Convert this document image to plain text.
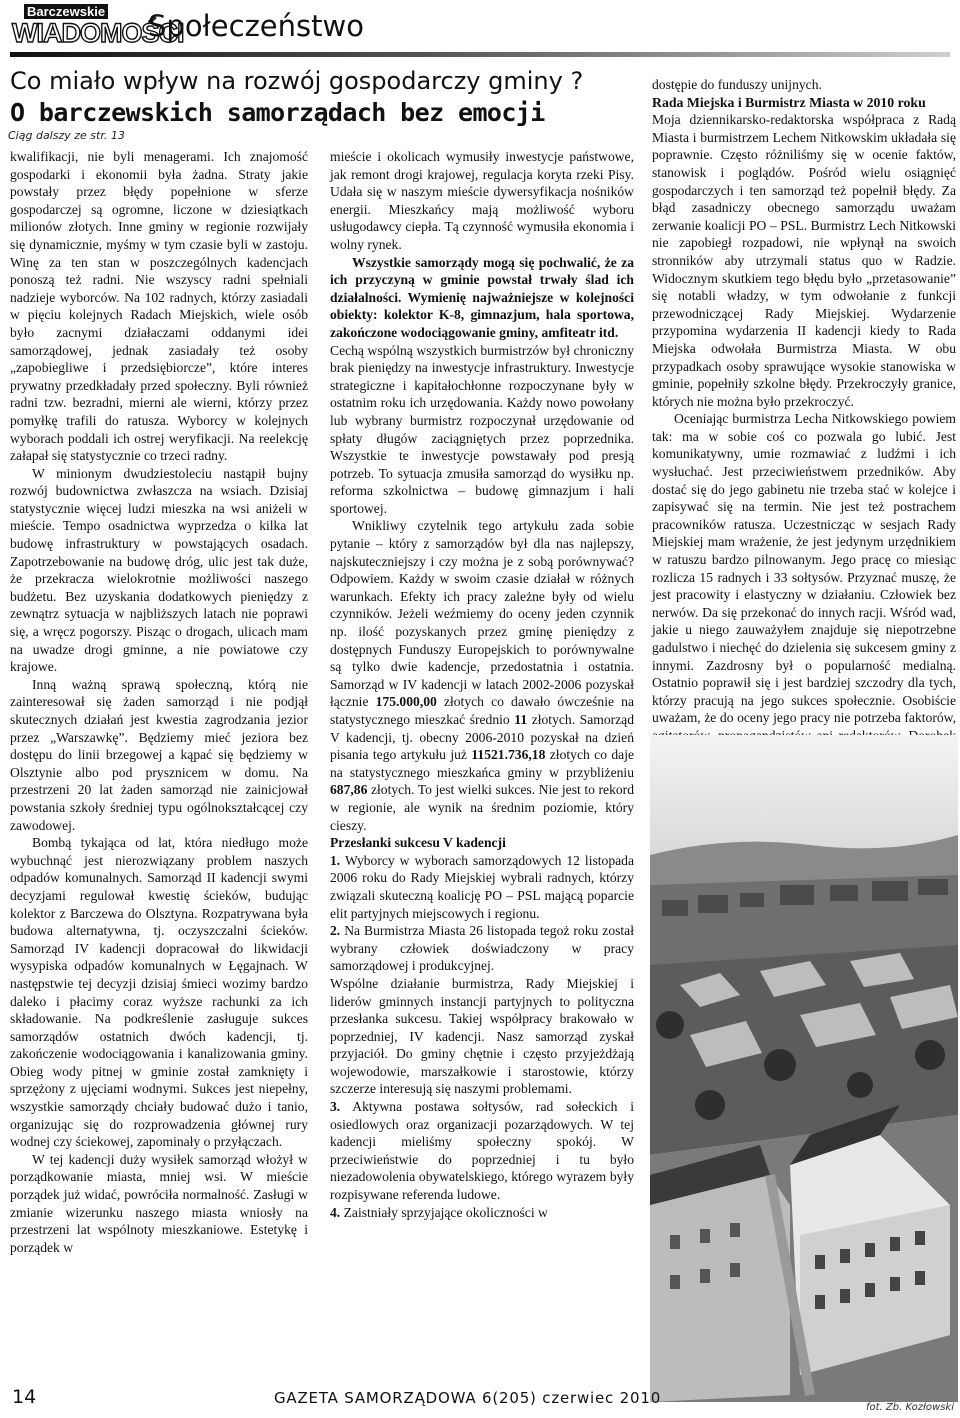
Barczewskie
WIADOMOŚCI
Społeczeństwo
Co miało wpływ na rozwój gospodarczy gminy ?
O barczewskich samorządach bez emocji
Ciąg dalszy ze str. 13

kwalifikacji, nie byli menagerami. Ich znajomość gospodarki i ekonomii była żadna. Straty jakie powstały przez błędy popełnione w sferze gospodarczej są ogromne, liczone w dziesiątkach milionów złotych. Inne gminy w regionie rozwijały się dynamicznie, myśmy w tym czasie byli w zastoju. Winę za ten stan w poszczególnych kadencjach ponoszą też radni. Nie wszyscy radni spełniali nadzieje wyborców. Na 102 radnych, którzy zasiadali w pięciu kolejnych Radach Miejskich, wiele osób było zacnymi działaczami oddanymi idei samorządowej, jednak zasiadały też osoby „zapobiegliwe i przedsiębiorcze”, które interes prywatny przedkładały przed społeczny. Byli również radni tzw. bezradni, mierni ale wierni, którzy przez pomyłkę trafili do ratusza. Wyborcy w kolejnych wyborach poddali ich ostrej weryfikacji. Na reelekcję załapał się statystycznie co trzeci radny.

W minionym dwudziestoleciu nastąpił bujny rozwój budownictwa zwłaszcza na wsiach. Dzisiaj statystycznie więcej ludzi mieszka na wsi aniżeli w mieście. Tempo osadnictwa wyprzedza o kilka lat budowę infrastruktury w powstających osadach. Zapotrzebowanie na budowę dróg, ulic jest tak duże, że przekracza wielokrotnie możliwości naszego budżetu. Bez uzyskania dodatkowych pieniędzy z zewnątrz sytuacja w najbliższych latach nie poprawi się, a wręcz pogorszy. Pisząc o drogach, ulicach mam na uwadze drogi gminne, a nie powiatowe czy krajowe.

Inną ważną sprawą społeczną, którą nie zainteresował się żaden samorząd i nie podjął skutecznych działań jest kwestia zagrodzania jezior przez „Warszawkę”. Będziemy mieć jeziora bez dostępu do linii brzegowej a kąpać się będziemy w Olsztynie albo pod prysznicem w domu. Na przestrzeni 20 lat żaden samorząd nie zainicjował powstania szkoły średniej typu ogólnokształcącej czy zawodowej.

Bombą tykająca od lat, która niedługo może wybuchnąć jest nierozwiązany problem naszych odpadów komunalnych. Samorząd II kadencji swymi decyzjami regulował kwestię ścieków, budując kolektor z Barczewa do Olsztyna. Rozpatrywana była budowa alternatywna, tj. oczyszczalni ścieków. Samorząd IV kadencji dopracował do likwidacji wysypiska odpadów komunalnych w Łęgajnach. W następstwie tej decyzji dzisiaj śmieci wozimy bardzo daleko i płacimy coraz wyższe rachunki za ich składowanie. Na podkreślenie zasługuje sukces samorządów ostatnich dwóch kadencji, tj. zakończenie wodociągowania i kanalizowania gminy. Obieg wody pitnej w gminie został zamknięty i sprzężony z ujęciami wodnymi. Sukces jest niepełny, wszystkie samorządy chciały budować dużo i tanio, organizując się do rozprowadzenia głównej rury wodnej czy ściekowej, zapominały o przyłączach.

W tej kadencji duży wysiłek samorząd włożył w porządkowanie miasta, mniej wsi. W mieście porządek już widać, powróciła normalność. Zasługi w zmianie wizerunku naszego miasta wniosły na przestrzeni lat wspólnoty mieszkaniowe. Estetykę i porządek w

mieście i okolicach wymusiły inwestycje państwowe, jak remont drogi krajowej, regulacja koryta rzeki Pisy. Udała się w naszym mieście dywersyfikacja nośników energii. Mieszkańcy mają możliwość wyboru usługodawcy ciepła. Tą czynność wymusiła ekonomia i wolny rynek.

Wszystkie samorządy mogą się pochwalić, że za ich przyczyną w gminie powstał trwały ślad ich działalności. Wymienię najważniejsze w kolejności obiekty: kolektor K-8, gimnazjum, hala sportowa, zakończone wodociągowanie gminy, amfiteatr itd.

Cechą wspólną wszystkich burmistrzów był chroniczny brak pieniędzy na inwestycje infrastruktury. Inwestycje strategiczne i kapitałochłonne rozpoczynane były w ostatnim roku ich urzędowania. Każdy nowo powołany lub wybrany burmistrz rozpoczynał urzędowanie od spłaty długów zaciągniętych przez poprzednika. Wszystkie te inwestycje powstawały pod presją potrzeb. To sytuacja zmusiła samorząd do wysiłku np. reforma szkolnictwa – budowę gimnazjum i hali sportowej.

Wnikliwy czytelnik tego artykułu zada sobie pytanie – który z samorządów był dla nas najlepszy, najskuteczniejszy i czy można je z sobą porównywać? Odpowiem. Każdy w swoim czasie działał w różnych warunkach. Efekty ich pracy zależne były od wielu czynników. Jeżeli weźmiemy do oceny jeden czynnik np. ilość pozyskanych przez gminę pieniędzy z dostępnych Funduszy Europejskich to porównywalne są tylko dwie kadencje, przedostatnia i ostatnia. Samorząd w IV kadencji w latach 2002-2006 pozyskał łącznie 175.000,00 złotych co dawało ówcześnie na statystycznego mieszkać średnio 11 złotych. Samorząd V kadencji, tj. obecny 2006-2010 pozyskał na dzień pisania tego artykułu już 11521.736,18 złotych co daje na statystycznego mieszkańca gminy w przybliżeniu 687,86 złotych. To jest wielki sukces. Nie jest to rekord w regionie, ale wynik na średnim poziomie, który cieszy.

Przesłanki sukcesu V kadencji

1. Wyborcy w wyborach samorządowych 12 listopada 2006 roku do Rady Miejskiej wybrali radnych, którzy związali skuteczną koalicję PO – PSL mającą poparcie elit partyjnych miejscowych i regionu.

2. Na Burmistrza Miasta 26 listopada tegoż roku został wybrany człowiek doświadczony w pracy samorządowej i produkcyjnej.

Wspólne działanie burmistrza, Rady Miejskiej i liderów gminnych instancji partyjnych to polityczna przesłanka sukcesu. Takiej współpracy brakowało w poprzedniej, IV kadencji. Nasz samorząd zyskał przyjaciół. Do gminy chętnie i często przyjeżdżają wojewodowie, marszałkowie i starostowie, którzy szczerze interesują się naszymi problemami.

3. Aktywna postawa sołtysów, rad sołeckich i osiedlowych oraz organizacji pozarządowych. W tej kadencji mieliśmy społeczny spokój. W przeciwieństwie do poprzedniej i tu było niezadowolenia obywatelskiego, którego wyrazem były rozpisywane referenda ludowe.

4. Zaistniały sprzyjające okoliczności w

dostępie do funduszy unijnych.

Rada Miejska i Burmistrz Miasta w 2010 roku

Moja dziennikarsko-redaktorska współpraca z Radą Miasta i burmistrzem Lechem Nitkowskim układała się poprawnie. Często różniliśmy się w ocenie faktów, stanowisk i poglądów. Pośród wielu osiągnięć gospodarczych i ten samorząd też popełnił błędy. Za błąd zasadniczy obecnego samorządu uważam zerwanie koalicji PO – PSL. Burmistrz Lech Nitkowski nie zapobiegł rozpadowi, nie wpłynął na swoich stronników aby utrzymali status quo w Radzie. Widocznym skutkiem tego błędu było „przetasowanie” się notabli władzy, w tym odwołanie z funkcji przewodniczącej Rady Miejskiej. Wydarzenie przypomina wydarzenia II kadencji kiedy to Rada Miejska odwołała Burmistrza Miasta. W obu przypadkach osoby sprawujące wysokie stanowiska w gminie, popełniły szkolne błędy. Przekroczyły granice, których nie można było przekroczyć.

Oceniając burmistrza Lecha Nitkowskiego powiem tak: ma w sobie coś co pozwala go lubić. Jest komunikatywny, umie rozmawiać z ludźmi i ich wysłuchać. Jest przeciwieństwem przedników. Aby dostać się do jego gabinetu nie trzeba stać w kolejce i zapisywać się na termin. Nie jest też postrachem pracowników ratusza. Uczestnicząc w sesjach Rady Miejskiej mam wrażenie, że jest jedynym urzędnikiem w ratuszu bardzo pilnowanym. Jego pracę co miesiąc rozlicza 15 radnych i 33 sołtysów. Przyznać muszę, że jest pracowity i elastyczny w działaniu. Człowiek bez nerwów. Da się przekonać do innych racji. Wśród wad, jakie u niego zauważyłem znajduje się niepotrzebne gadulstwo i niechęć do dzielenia się sukcesem gminy z innymi. Zazdrosny był o popularność medialną. Ostatnio poprawił się i jest bardziej szczodry dla tych, którzy pracują na jego sukces społecznie. Osobiście uważam, że do oceny jego pracy nie potrzeba faktorów,

fot. Zb. Kozłowski
14	GAZETA SAMORZĄDOWA 6(205) czerwiec 2010
